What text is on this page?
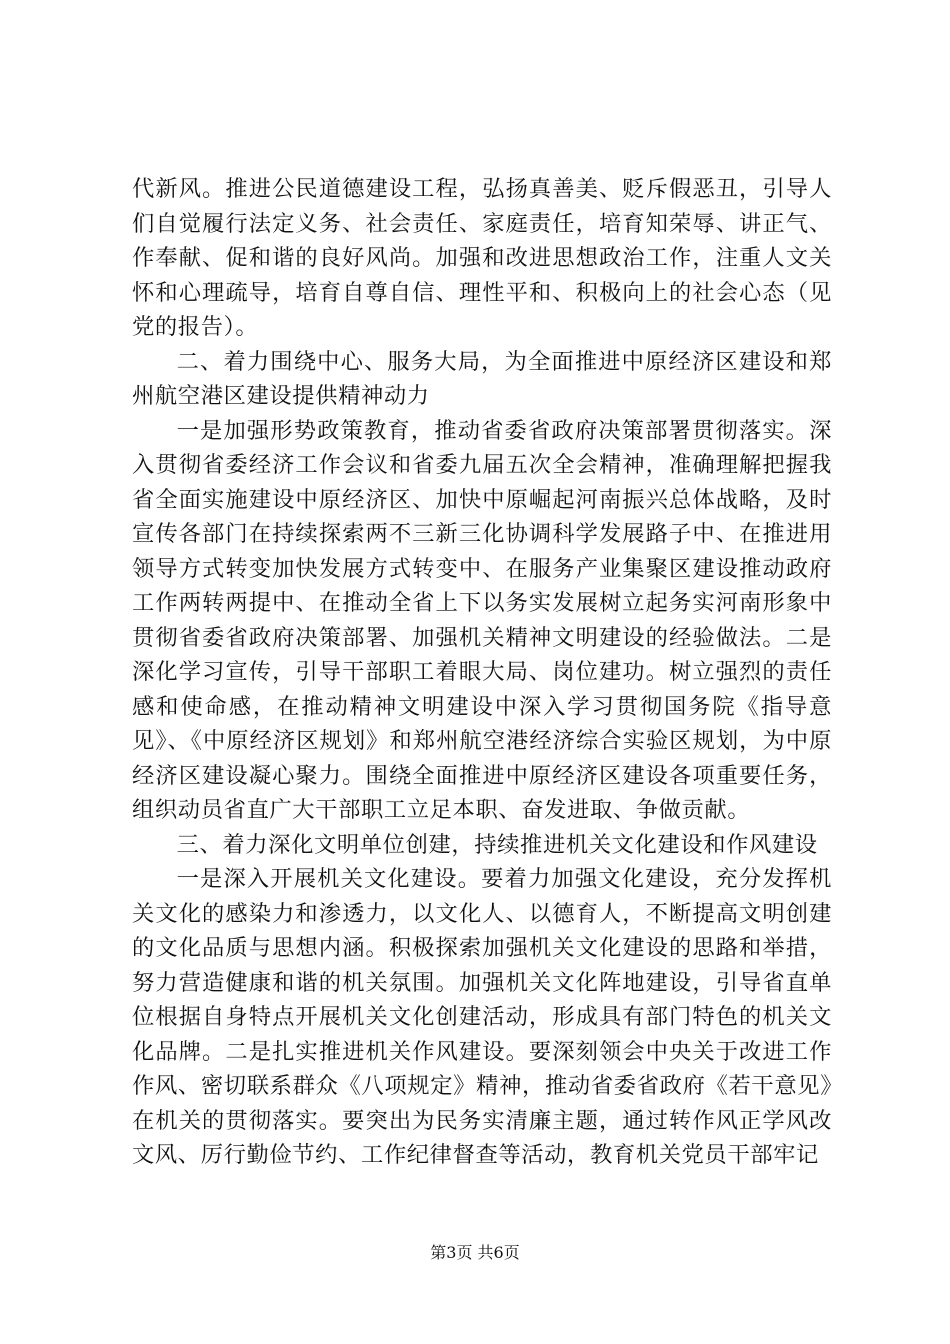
代新风。推进公民道德建设工程，弘扬真善美、贬斥假恶丑，引导人们自觉履行法定义务、社会责任、家庭责任，培育知荣辱、讲正气、作奉献、促和谐的良好风尚。加强和改进思想政治工作，注重人文关怀和心理疏导，培育自尊自信、理性平和、积极向上的社会心态（见党的报告）。

二、着力围绕中心、服务大局，为全面推进中原经济区建设和郑州航空港区建设提供精神动力

一是加强形势政策教育，推动省委省政府决策部署贯彻落实。深入贯彻省委经济工作会议和省委九届五次全会精神，准确理解把握我省全面实施建设中原经济区、加快中原崛起河南振兴总体战略，及时宣传各部门在持续探索两不三新三化协调科学发展路子中、在推进用领导方式转变加快发展方式转变中、在服务产业集聚区建设推动政府工作两转两提中、在推动全省上下以务实发展树立起务实河南形象中贯彻省委省政府决策部署、加强机关精神文明建设的经验做法。二是深化学习宣传，引导干部职工着眼大局、岗位建功。树立强烈的责任感和使命感，在推动精神文明建设中深入学习贯彻国务院《指导意见》、《中原经济区规划》和郑州航空港经济综合实验区规划，为中原经济区建设凝心聚力。围绕全面推进中原经济区建设各项重要任务，组织动员省直广大干部职工立足本职、奋发进取、争做贡献。

三、着力深化文明单位创建，持续推进机关文化建设和作风建设

一是深入开展机关文化建设。要着力加强文化建设，充分发挥机关文化的感染力和渗透力，以文化人、以德育人，不断提高文明创建的文化品质与思想内涵。积极探索加强机关文化建设的思路和举措，努力营造健康和谐的机关氛围。加强机关文化阵地建设，引导省直单位根据自身特点开展机关文化创建活动，形成具有部门特色的机关文化品牌。二是扎实推进机关作风建设。要深刻领会中央关于改进工作作风、密切联系群众《八项规定》精神，推动省委省政府《若干意见》在机关的贯彻落实。要突出为民务实清廉主题，通过转作风正学风改文风、厉行勤俭节约、工作纪律督查等活动，教育机关党员干部牢记

第3页 共6页
